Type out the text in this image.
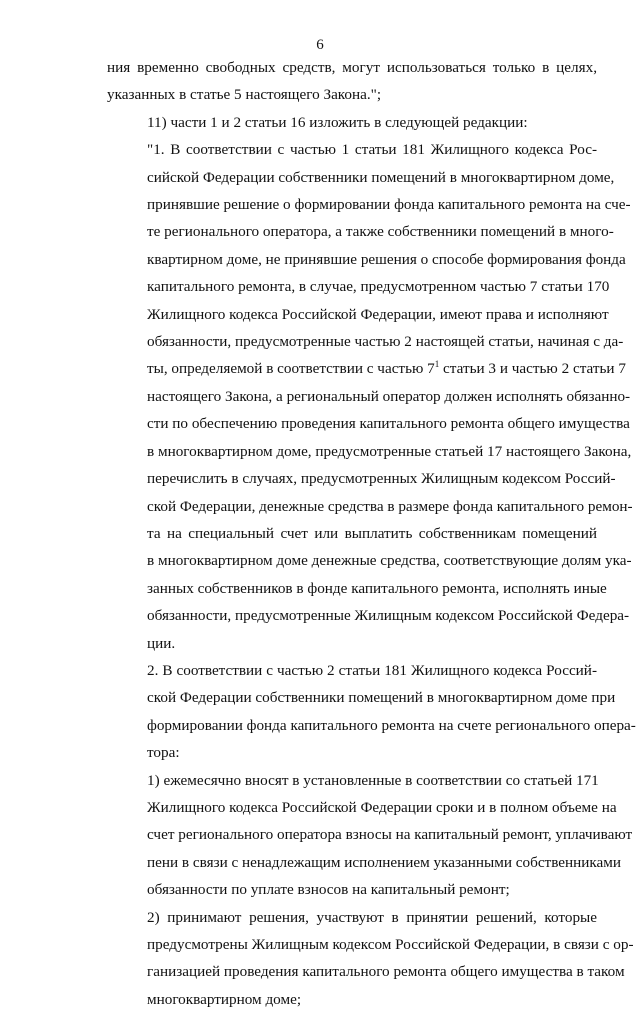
6

ния временно свободных средств, могут использоваться только в целях,
указанных в статье 5 настоящего Закона.";

11) части 1 и 2 статьи 16 изложить в следующей редакции:

"1. В соответствии с частью 1 статьи 181 Жилищного кодекса Рос-
сийской Федерации собственники помещений в многоквартирном доме,
принявшие решение о формировании фонда капитального ремонта на сче-
те регионального оператора, а также собственники помещений в много-
квартирном доме, не принявшие решения о способе формирования фонда
капитального ремонта, в случае, предусмотренном частью 7 статьи 170
Жилищного кодекса Российской Федерации, имеют права и исполняют
обязанности, предусмотренные частью 2 настоящей статьи, начиная с да-
ты, определяемой в соответствии с частью $7^1$ статьи 3 и частью 2 статьи 7
настоящего Закона, а региональный оператор должен исполнять обязанно-
сти по обеспечению проведения капитального ремонта общего имущества
в многоквартирном доме, предусмотренные статьей 17 настоящего Закона,
перечислить в случаях, предусмотренных Жилищным кодексом Россий-
ской Федерации, денежные средства в размере фонда капитального ремон-
та на специальный счет или выплатить собственникам помещений
в многоквартирном доме денежные средства, соответствующие долям ука-
занных собственников в фонде капитального ремонта, исполнять иные
обязанности, предусмотренные Жилищным кодексом Российской Федера-
ции.

2. В соответствии с частью 2 статьи 181 Жилищного кодекса Россий-
ской Федерации собственники помещений в многоквартирном доме при
формировании фонда капитального ремонта на счете регионального опера-
тора:

1) ежемесячно вносят в установленные в соответствии со статьей 171
Жилищного кодекса Российской Федерации сроки и в полном объеме на
счет регионального оператора взносы на капитальный ремонт, уплачивают
пени в связи с ненадлежащим исполнением указанными собственниками
обязанности по уплате взносов на капитальный ремонт;

2) принимают решения, участвуют в принятии решений, которые
предусмотрены Жилищным кодексом Российской Федерации, в связи с ор-
ганизацией проведения капитального ремонта общего имущества в таком
многоквартирном доме;
